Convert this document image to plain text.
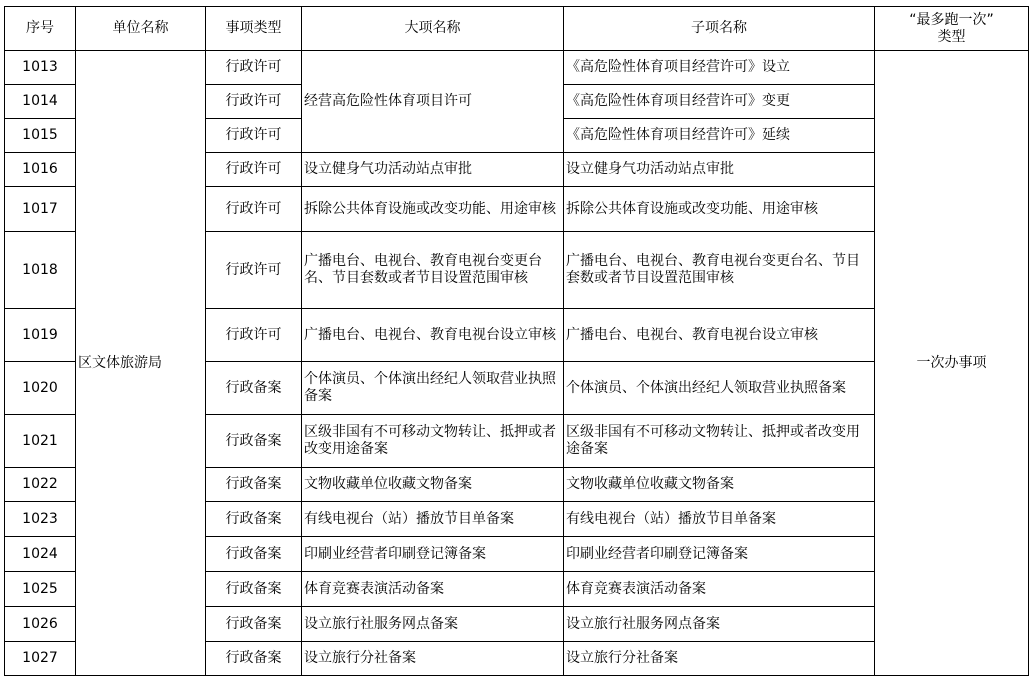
序号	单位名称	事项类型	大项名称	子项名称	“最多跑一次”
类型

1013	区文体旅游局	行政许可	经营高危险性体育项目许可	《高危险性体育项目经营许可》设立	一次办事项
1014		行政许可		《高危险性体育项目经营许可》变更	
1015		行政许可		《高危险性体育项目经营许可》延续	
1016		行政许可	设立健身气功活动站点审批	设立健身气功活动站点审批	
1017		行政许可	拆除公共体育设施或改变功能、用途审核	拆除公共体育设施或改变功能、用途审核	
1018		行政许可	广播电台、电视台、教育电视台变更台名、节目套数或者节目设置范围审核	广播电台、电视台、教育电视台变更台名、节目套数或者节目设置范围审核	
1019		行政许可	广播电台、电视台、教育电视台设立审核	广播电台、电视台、教育电视台设立审核	
1020		行政备案	个体演员、个体演出经纪人领取营业执照备案	个体演员、个体演出经纪人领取营业执照备案	
1021		行政备案	区级非国有不可移动文物转让、抵押或者改变用途备案	区级非国有不可移动文物转让、抵押或者改变用途备案	
1022		行政备案	文物收藏单位收藏文物备案	文物收藏单位收藏文物备案	
1023		行政备案	有线电视台（站）播放节目单备案	有线电视台（站）播放节目单备案	
1024		行政备案	印刷业经营者印刷登记簿备案	印刷业经营者印刷登记簿备案	
1025		行政备案	体育竞赛表演活动备案	体育竞赛表演活动备案	
1026		行政备案	设立旅行社服务网点备案	设立旅行社服务网点备案	
1027		行政备案	设立旅行分社备案	设立旅行分社备案	
